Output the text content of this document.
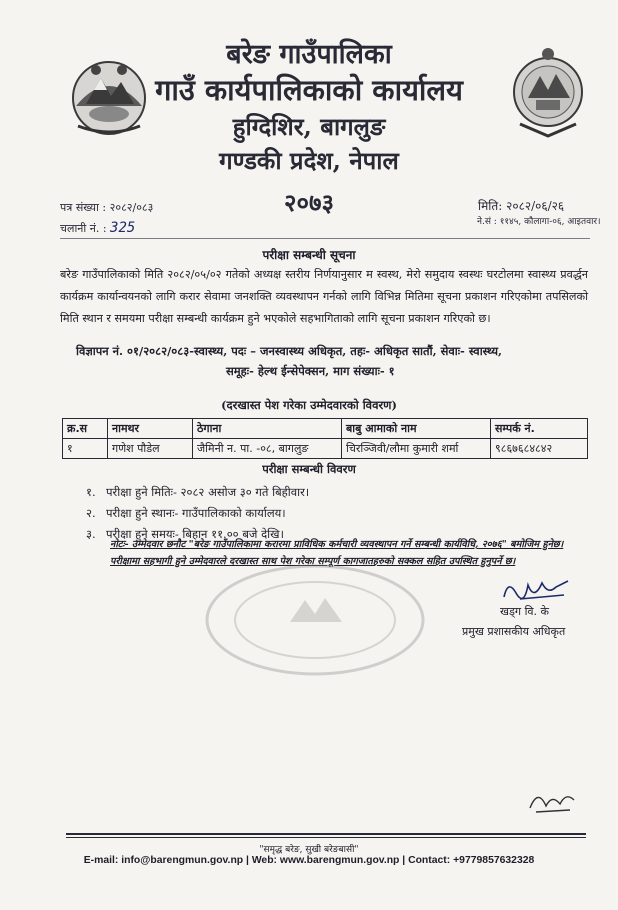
बरेङ गाउँपालिका
गाउँ कार्यपालिकाको कार्यालय
हुग्दिशिर, बागलुङ
गण्डकी प्रदेश, नेपाल
२०७३
पत्र संख्या : २०८२/०८३
चलानी नं. : 325
मिति: २०८२/०६/२६
ने.सं : ११४५, कौलागा-०६, आइतवार।
परीक्षा सम्बन्धी सूचना
बरेङ गाउँपालिकाको मिति २०८२/०५/०२ गतेको अध्यक्ष स्तरीय निर्णयानुसार म स्वस्थ, मेरो समुदाय स्वस्थः घरटोलमा स्वास्थ्य प्रवर्द्धन कार्यक्रम कार्यान्वयनको लागि करार सेवामा जनशक्ति व्यवस्थापन गर्नको लागि विभिन्न मितिमा सूचना प्रकाशन गरिएकोमा तपसिलको मिति स्थान र समयमा परीक्षा सम्बन्धी कार्यक्रम हुने भएकोले सहभागिताको लागि सूचना प्रकाशन गरिएको छ।
विज्ञापन नं. ०१/२०८२/०८३-स्वास्थ्य, पदः – जनस्वास्थ्य अधिकृत, तहः- अधिकृत सातौं, सेवाः- स्वास्थ्य,
समूहः- हेल्थ ईन्सेपेक्सन, माग संख्याः- १
(दरखास्त पेश गरेका उम्मेदवारको विवरण)
क्र.स	नामथर	ठेगाना	बाबु आमाको नाम	सम्पर्क नं.
१	गणेश पौडेल	जैमिनी न. पा. -०८, बागलुङ	चिरञ्जिवी/लौमा कुमारी शर्मा	९८६७६८४८४२
परीक्षा सम्बन्धी विवरण
१. परीक्षा हुने मितिः- २०८२ असोज ३० गते बिहीवार।
२. परीक्षा हुने स्थानः- गाउँपालिकाको कार्यालय।
३. परीक्षा हुने समयः- बिहान ११.०० बजे देखि।
नोटः- उम्मेदवार छनौट "बरेङ गाउँपालिकामा करारमा प्राविधिक कर्मचारी व्यवस्थापन गर्ने सम्बन्धी कार्यविधि, २०७६" बमोजिम हुनेछ। परीक्षामा सहभागी हुने उम्मेदवारले दरखास्त साथ पेश गरेका सम्पूर्ण कागजातहरुको सक्कल सहित उपस्थित हुनुपर्ने छ।
खड्ग वि. के
प्रमुख प्रशासकीय अधिकृत
"समृद्ध बरेङ, सुखी बरेङबासी"
E-mail: info@barengmun.gov.np | Web: www.barengmun.gov.np | Contact: +9779857632328
